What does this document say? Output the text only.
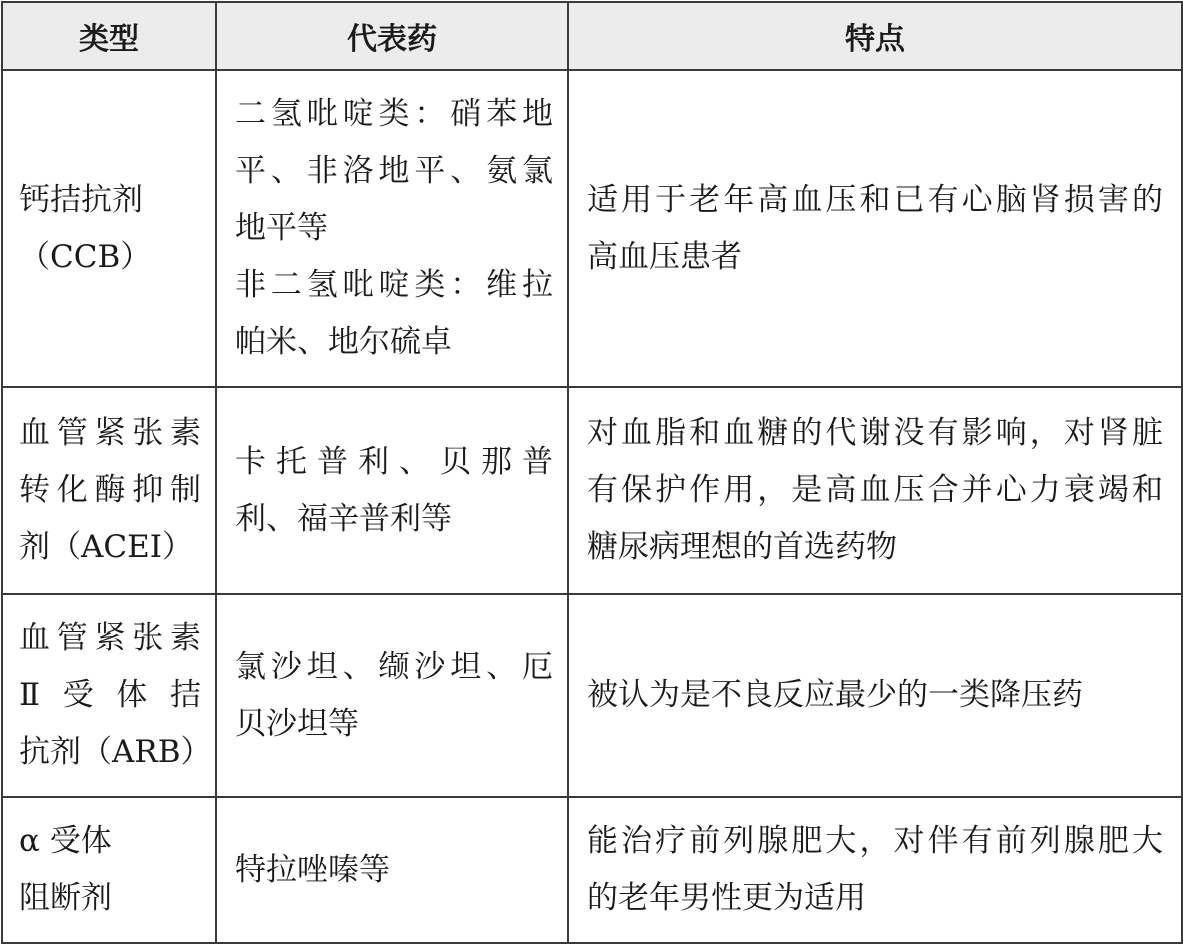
类型	代表药	特点

钙拮抗剂
（CCB）	二氢吡啶类：硝苯地
平、非洛地平、氨氯
地平等
非二氢吡啶类：维拉
帕米、地尔硫卓	适用于老年高血压和已有心脑肾损害的
高血压患者

血管紧张素
转化酶抑制
剂（ACEI）	卡托普利、贝那普
利、福辛普利等	对血脂和血糖的代谢没有影响，对肾脏
有保护作用，是高血压合并心力衰竭和
糖尿病理想的首选药物

血管紧张素
Ⅱ受体拮
抗剂（ARB）	氯沙坦、缬沙坦、厄
贝沙坦等	被认为是不良反应最少的一类降压药

α 受体
阻断剂	特拉唑嗪等	能治疗前列腺肥大，对伴有前列腺肥大
的老年男性更为适用
